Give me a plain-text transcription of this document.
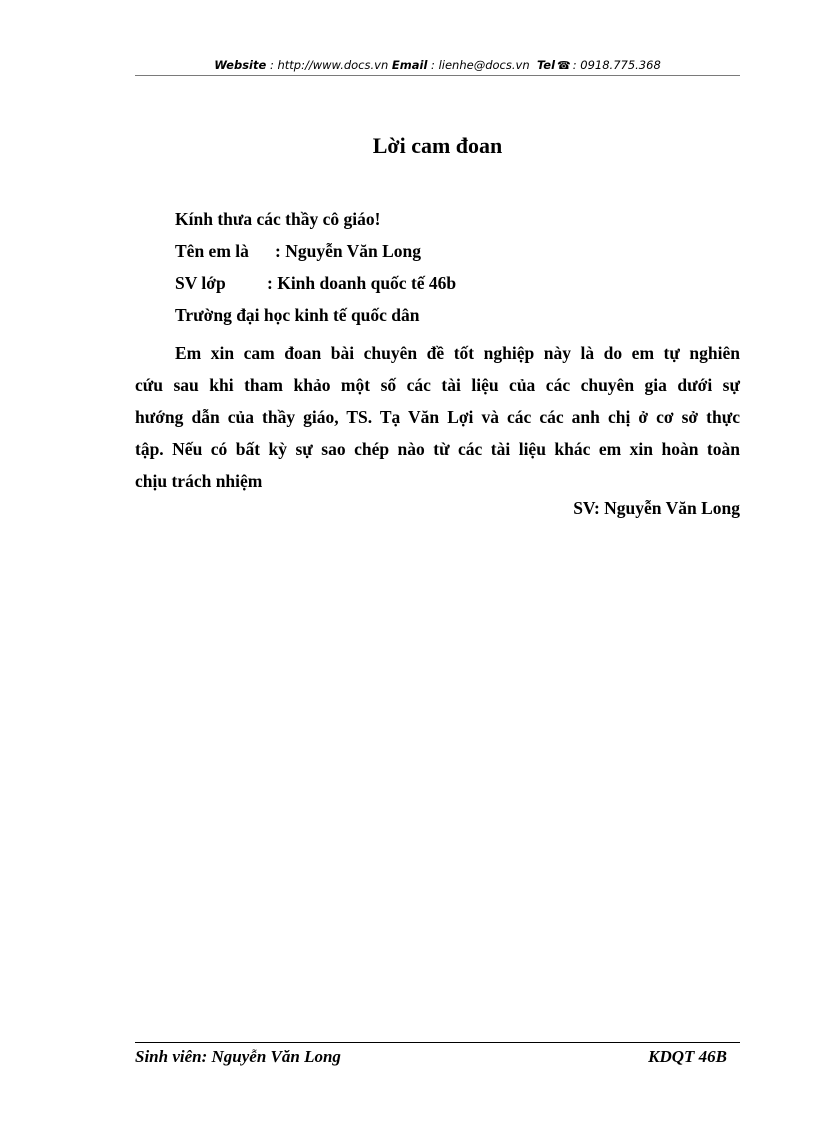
Website : http://www.docs.vn Email : lienhe@docs.vn Tel ☎ : 0918.775.368
Lời cam đoan
Kính thưa các thầy cô giáo!
Tên em là : Nguyễn Văn Long
SV lớp : Kinh doanh quốc tế 46b
Trường đại học kinh tế quốc dân
Em xin cam đoan bài chuyên đề tốt nghiệp này là do em tự nghiên
cứu sau khi tham khảo một số các tài liệu của các chuyên gia dưới sự
hướng dẫn của thầy giáo, TS. Tạ Văn Lợi và các các anh chị ở cơ sở thực
tập. Nếu có bất kỳ sự sao chép nào từ các tài liệu khác em xin hoàn toàn
chịu trách nhiệm
SV: Nguyễn Văn Long
Sinh viên: Nguyễn Văn Long	KDQT 46B
